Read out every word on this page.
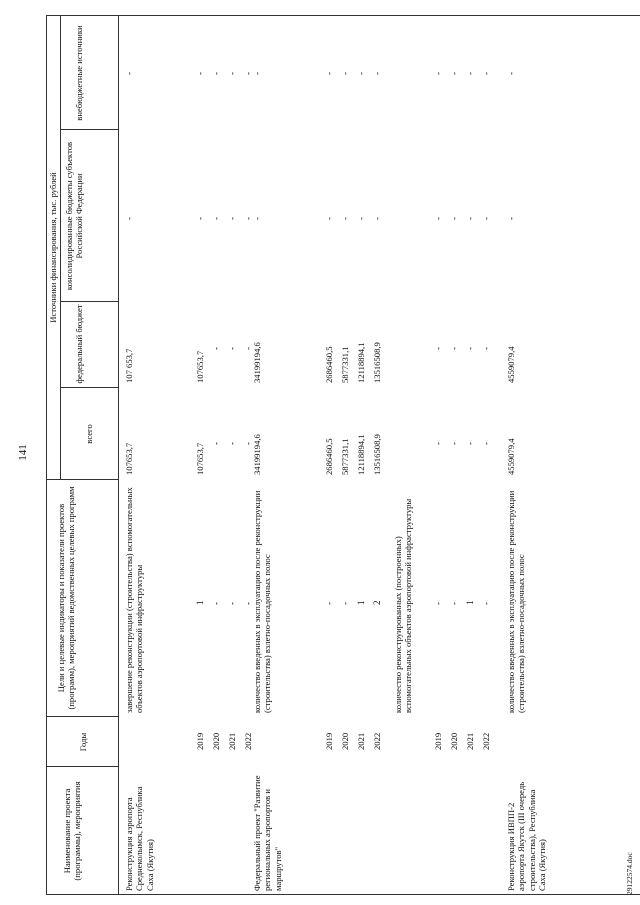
141
Наименование проекта (программы), мероприятия
Годы
Цели и целевые индикаторы и показатели проектов (программ), мероприятий ведомственных целевых программ
Источники финансирования, тыс. рублей
всего
федеральный бюджет
консолидированные бюджеты субъектов Российской Федерации
внебюджетные источники
Реконструкция аэропорта Среднеколымск, Республика Саха (Якутия)
завершение реконструкции (строительства) вспомогательных объектов аэропортовой инфраструктуры
107653,7
107 653,7
-
-
2019 2020 2021 2022
1 - - -
107653,7 - - -
107653,7
- - -
- - - -
- - - -
Федеральный проект "Развитие региональных аэропортов и маршрутов"
количество введенных в эксплуатацию после реконструкции (строительства) взлетно-посадочных полос
34199194,6
34199194,6
-
-
2019 2020 2021 2022
- - 1 2
2686460,5 5877331,1 12118894,1 13516508,9
2686460,5 5877331,1 12118894,1 13516508,9
- - - -
- - - -
количество реконструированных (построенных) вспомогательных объектов аэропортовой инфраструктуры
2019 2020 2021 2022
- - 1 -
- - - -
- - - -
- - - -
- - - -
Реконструкция ИВПП-2 аэропорта Якутск (III очередь строительства), Республика Саха (Якутия)
количество введенных в эксплуатацию после реконструкции (строительства) взлетно-посадочных полос
4559079,4
4559079,4
-
-
29122574.doc
